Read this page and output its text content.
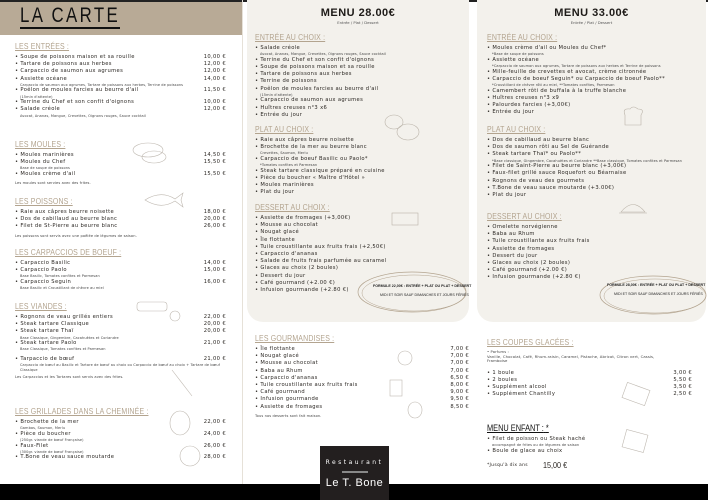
LA CARTE	MENU 28.00€
Entrée / Plat / Dessert
MENU 33.00€
Entrée / Plat / Dessert
FORMULE 22,00€ : ENTRÉE + PLAT OU PLAT + DESSERT
MIDI ET SOIR SAUF DIMANCHES ET JOURS FÉRIÉS
FORMULE 28,00€ : ENTRÉE + PLAT OU PLAT + DESSERT
MIDI ET SOIR SAUF DIMANCHES ET JOURS FÉRIÉS
LES ENTRÉES :
• Soupe de poissons maison et sa rouille	10,00 €
• Tartare de poissons aux herbes	12,00 €
• Carpaccio de saumon aux agrumes	12,00 €
• Assiette océane	14,00 €
Carpaccio de saumon aux agrumes, Tartare de poissons aux herbes, Terrine de poissons
• Poêlon de moules farcies au beurre d'ail	11,50 €
(15min d'attente)
• Terrine du Chef et son confit d'oignons	10,00 €
• Salade créole	12,00 €
Avocat, Ananas, Mangue, Crevettes, Oignons rouges, Sauce cocktail
LES MOULES :
• Moules marinières	14,50 €
• Moules du Chef	15,50 €
Base de soupe de poissons
• Moules crème d'ail	15,50 €
Les moules sont servies avec des frites.
LES POISSONS :
• Raie aux câpres beurre noisette	18,00 €
• Dos de cabillaud au beurre blanc	20,00 €
• Filet de St-Pierre au beurre blanc	26,00 €
Les poissons sont servis avec une poêlée de légumes de saison.
LES CARPACCIOS DE BOEUF :
• Carpaccio Basilic	14,00 €
• Carpaccio Paolo	15,00 €
Base Basilic, Tomates confites et Parmesan
• Carpaccio Seguin	16,00 €
Base Basilic et Croustillant de chèvre au miel
LES VIANDES :
• Rognons de veau grillés entiers	22,00 €
• Steak tartare Classique	20,00 €
• Steak tartare Thaï	20,00 €
Base Classique, Gingembre, Cacahuètes et Coriandre
• Steak tartare Paolo	21,00 €
Base Classique, Tomates confites et Parmesan
• Tarpaccio de bœuf	21,00 €
Carpaccio de bœuf au Basilic et Tartare de bœuf au choix ou Carpaccio de bœuf au choix + Tartare de bœuf Classique
Les Carpaccios et les Tartares sont servis avec des frites.
LES GRILLADES DANS LA CHEMINÉE :
• Brochette de la mer	22,00 €
Gambas, Saumon, Merlu
• Pièce du boucher	24,00 €
(250gr. viande de bœuf Française)
• Faux-Filet	26,00 €
(300gr. viande de bœuf Française)
• T.Bone de veau sauce moutarde	28,00 €
ENTRÉE AU CHOIX :
• Salade créole
Avocat, Ananas, Mangue, Crevettes, Oignons rouges, Sauce cocktail
• Terrine du Chef et son confit d'oignons
• Soupe de poissons maison et sa rouille
• Tartare de poissons aux herbes
• Terrine de poissons
• Poêlon de moules farcies au beurre d'ail
(15min d'attente)
• Carpaccio de saumon aux agrumes
• Huîtres creuses n°3 x6
• Entrée du jour
PLAT AU CHOIX :
• Raie aux câpres beurre noisette
• Brochette de la mer au beurre blanc
Crevettes, Saumon, Merlu
• Carpaccio de boeuf Basilic ou Paolo*
*Tomates confites et Parmesan
• Steak tartare classique préparé en cuisine
• Pièce du boucher « Maître d'Hôtel »
• Moules marinières
• Plat du jour
DESSERT AU CHOIX :
• Assiette de fromages (+3,00€)
• Mousse au chocolat
• Nougat glacé
• Île flottante
• Tuile croustillante aux fruits frais (+2,50€)
• Carpaccio d'ananas
• Salade de fruits frais parfumée au caramel
• Glaces au choix (2 boules)
• Dessert du jour
• Café gourmand (+2.00 €)
• Infusion gourmande (+2.80 €)
ENTRÉE AU CHOIX :
• Moules crème d'ail ou Moules du Chef*
*Base de soupe de poissons
• Assiette océane
*Carpaccio de saumon aux agrumes, Tartare de poissons aux herbes et Terrine de poissons
• Mille-feuille de crevettes et avocat, crème citronnée
• Carpaccio de boeuf Seguin* ou Carpaccio de boeuf Paolo**
*Croustillant de chèvre rôti au miel, **Tomates confites, Parmesan
• Camembert rôti de buffala à la truffe blanche
• Huîtres creuses n°3 x9
• Palourdes farcies (+3,00€)
• Entrée du jour
PLAT AU CHOIX :
• Dos de cabillaud au beurre blanc
• Dos de saumon rôti au Sel de Guérande
• Steak tartare Thaï* ou Paolo**
*Base classique, Gingembre, Cacahuètes et Coriandre **Base classique, Tomates confites et Parmesan
• Filet de Saint-Pierre au beurre blanc (+3,00€)
• Faux-filet grillé sauce Roquefort ou Béarnaise
• Rognons de veau des gourmets
• T.Bone de veau sauce moutarde (+3.00€)
• Plat du jour
DESSERT AU CHOIX :
• Omelette norvégienne
• Baba au Rhum
• Tuile croustillante aux fruits frais
• Assiette de fromages
• Dessert du jour
• Glaces au choix (2 boules)
• Café gourmand (+2.00 €)
• Infusion gourmande (+2.80 €)
LES COUPES GLACÉES :
• Parfums :
Vanille, Chocolat, Café, Rhum-raisin, Caramel, Pistache, Abricot, Citron vert, Cassis, Framboise
• 1 boule	3,00 €
• 2 boules	5,50 €
• Supplément alcool	3,50 €
• Supplément Chantilly	2,50 €
MENU ENFANT : *
• Filet de poisson ou Steak haché
accompagné de frites ou de légumes de saison
• Boule de glace au choix
*Jusqu'à dix ans 15,00 €
LES GOURMANDISES :
• Île flottante	7,00 €
• Nougat glacé	7,00 €
• Mousse au chocolat	7,00 €
• Baba au Rhum	7,00 €
• Carpaccio d'ananas	6,50 €
• Tuile croustillante aux fruits frais	8,00 €
• Café gourmand	9,00 €
• Infusion gourmande	9,50 €
• Assiette de fromages	8,50 €
Tous nos desserts sont fait maison.
Restaurant
Le T. Bone
